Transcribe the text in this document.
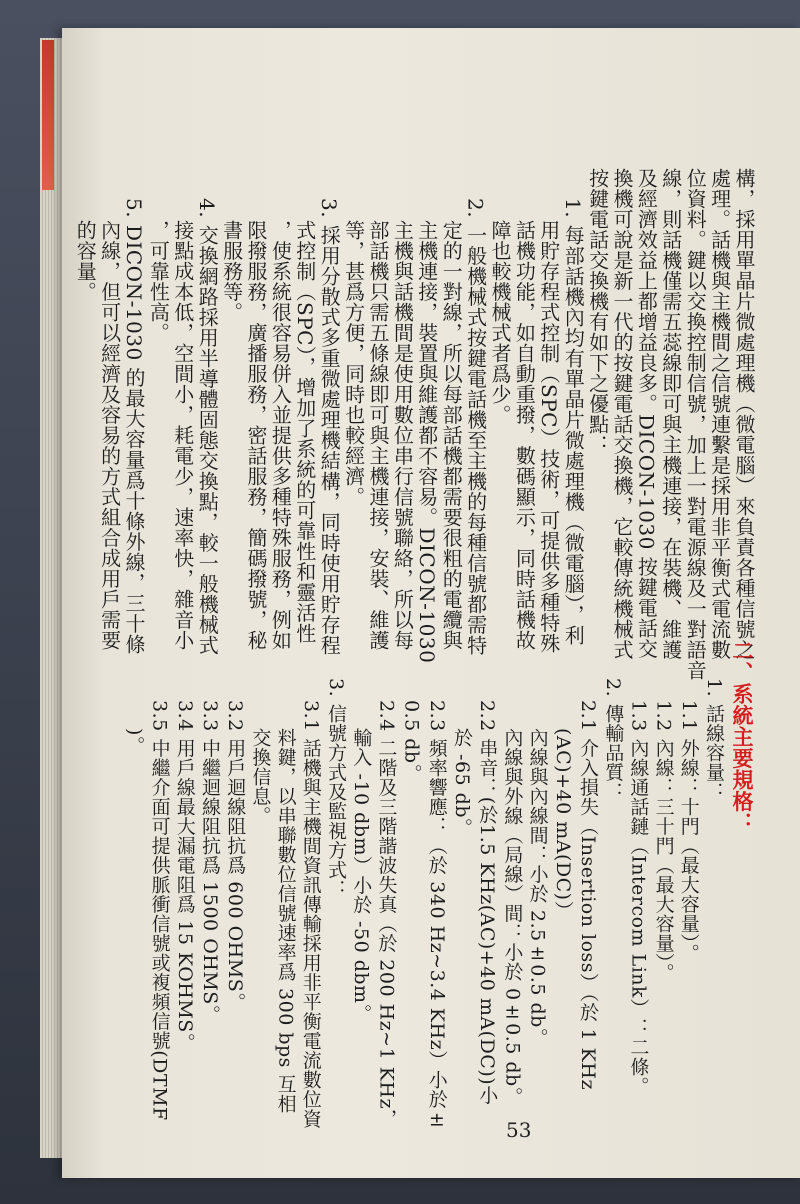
構，採用單晶片微處理機（微電腦）來負責各種信號之
處理。話機與主機間之信號連繫是採用非平衡式電流數
位資料。鍵以交換控制信號，加上一對電源線及一對語音
線，則話機僅需五蕊線即可與主機連接，在裝機、維護
及經濟效益上都增益良多。DICON-1030 按鍵電話交
換機可說是新一代的按鍵電話交換機，它較傳統機械式
按鍵電話交換機有如下之優點：
1. 每部話機內均有單晶片微處理機（微電腦），利
用貯存程式控制（SPC）技術，可提供多種特殊
話機功能，如自動重撥，數碼顯示，同時話機故
障也較機械式者爲少。
2. 一般機械式按鍵電話機至主機的每種信號都需特
定的一對線，所以每部話機都需要很粗的電纜與
主機連接，裝置與維護都不容易。DICON-1030
主機與話機間是使用數位串行信號聯絡，所以每
部話機只需五條線即可與主機連接，安裝、維護
等，甚爲方便，同時也較經濟。
3. 採用分散式多重微處理機結構，同時使用貯存程
式控制（SPC），增加了系統的可靠性和靈活性
，使系統很容易併入並提供多種特殊服務，例如
限撥服務，廣播服務，密話服務，簡碼撥號，秘
書服務等。
4. 交換網路採用半導體固態交換點，較一般機械式
接點成本低，空間小，耗電少，速率快，雜音小
，可靠性高。
5. DICON-1030 的最大容量爲十條外線，三十條
內線，但可以經濟及容易的方式組合成用戶需要
的容量。
1. 話線容量：
1.1 外線：十門（最大容量）。
1.2 內線：三十門（最大容量）。
1.3 內線通話鏈（Intercom Link）：二條。
2. 傳輸品質：
2.1 介入損失（Insertion loss）（於 1 KHz
(AC)+40 mA(DC)）
內線與內線間：小於 2.5±0.5 db。
內線與外線（局線）間：小於 0±0.5 db。
2.2 串音：(於1.5 KHz(AC)+40 mA(DC))小
於 -65 db。
2.3 頻率響應：（於 340 Hz~3.4 KHz）小於±
0.5 db。
2.4 二階及三階諧波失真（於 200 Hz~1 KHz，
輸入 -10 dbm）小於 -50 dbm。
3. 信號方式及監視方式：
3.1 話機與主機間資訊傳輸採用非平衡電流數位資
料鍵，以串聯數位信號速率爲 300 bps 互相
交換信息。
3.2 用戶迴線阻抗爲 600 OHMS。
3.3 中繼迴線阻抗爲 1500 OHMS。
3.4 用戶線最大漏電阻爲 15 KOHMS。
3.5 中繼介面可提供脈衝信號或複頻信號(DTMF
)。	二、系統主要規格：
53
